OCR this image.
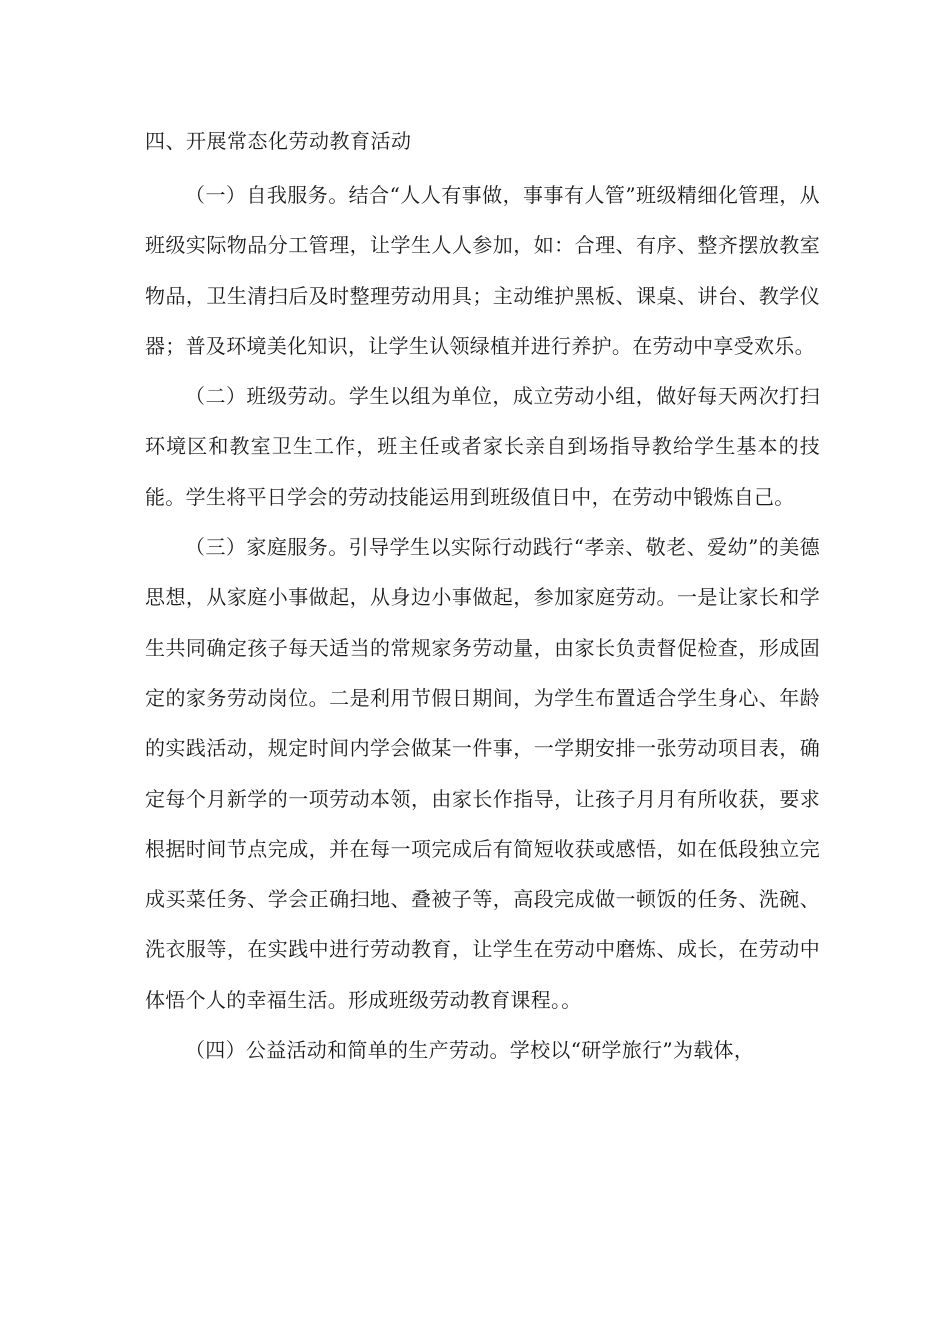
四、开展常态化劳动教育活动

（一）自我服务。结合“人人有事做，事事有人管”班级精细化管理，从班级实际物品分工管理，让学生人人参加，如：合理、有序、整齐摆放教室物品，卫生清扫后及时整理劳动用具；主动维护黑板、课桌、讲台、教学仪器；普及环境美化知识，让学生认领绿植并进行养护。在劳动中享受欢乐。

（二）班级劳动。学生以组为单位，成立劳动小组，做好每天两次打扫环境区和教室卫生工作，班主任或者家长亲自到场指导教给学生基本的技能。学生将平日学会的劳动技能运用到班级值日中，在劳动中锻炼自己。

（三）家庭服务。引导学生以实际行动践行“孝亲、敬老、爱幼”的美德思想，从家庭小事做起，从身边小事做起，参加家庭劳动。一是让家长和学生共同确定孩子每天适当的常规家务劳动量，由家长负责督促检查，形成固定的家务劳动岗位。二是利用节假日期间，为学生布置适合学生身心、年龄的实践活动，规定时间内学会做某一件事，一学期安排一张劳动项目表，确定每个月新学的一项劳动本领，由家长作指导，让孩子月月有所收获，要求根据时间节点完成，并在每一项完成后有简短收获或感悟，如在低段独立完成买菜任务、学会正确扫地、叠被子等，高段完成做一顿饭的任务、洗碗、洗衣服等，在实践中进行劳动教育，让学生在劳动中磨炼、成长，在劳动中体悟个人的幸福生活。形成班级劳动教育课程。。

（四）公益活动和简单的生产劳动。学校以“研学旅行”为载体，
